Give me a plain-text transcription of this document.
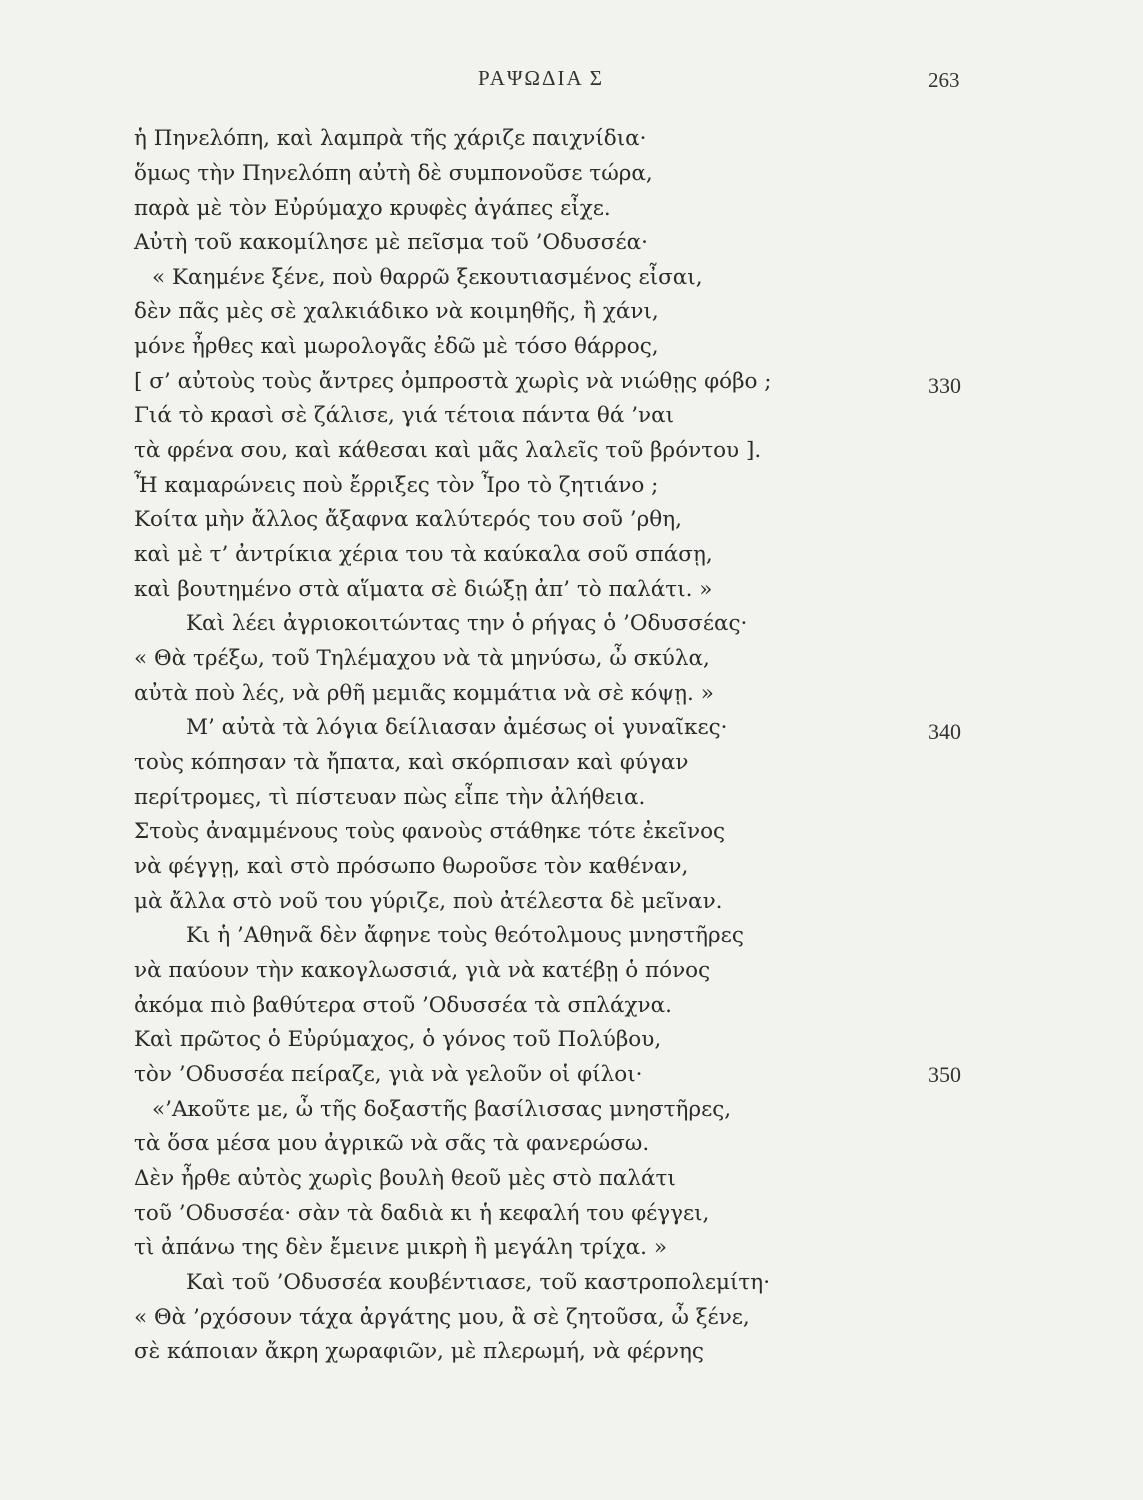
ΡΑΨΩΔΙΑ Σ	263
ἡ Πηνελόπη, καὶ λαμπρὰ τῆς χάριζε παιχνίδια·
ὅμως τὴν Πηνελόπη αὐτὴ δὲ συμπονοῦσε τώρα,
παρὰ μὲ τὸν Εὐρύμαχο κρυφὲς ἀγάπες εἶχε.
Αὐτὴ τοῦ κακομίλησε μὲ πεῖσμα τοῦ ’Οδυσσέα·
« Καημένε ξένε, ποὺ θαρρῶ ξεκουτιασμένος εἶσαι,
δὲν πᾶς μὲς σὲ χαλκιάδικο νὰ κοιμηθῆς, ἢ χάνι,
μόνε ἦρθες καὶ μωρολογᾶς ἐδῶ μὲ τόσο θάρρος,
[ σ’ αὐτοὺς τοὺς ἄντρες ὀμπροστὰ χωρὶς νὰ νιώθῃς φόβο ;
Γιά τὸ κρασὶ σὲ ζάλισε, γιά τέτοια πάντα θά ’ναι
τὰ φρένα σου, καὶ κάθεσαι καὶ μᾶς λαλεῖς τοῦ βρόντου ].
Ἦ καμαρώνεις ποὺ ἔρριξες τὸν Ἶρο τὸ ζητιάνο ;
Κοίτα μὴν ἄλλος ἄξαφνα καλύτερός του σοῦ ’ρθη,
καὶ μὲ τ’ ἀντρίκια χέρια του τὰ καύκαλα σοῦ σπάσῃ,
καὶ βουτημένο στὰ αἵματα σὲ διώξῃ ἀπ’ τὸ παλάτι. »
Καὶ λέει ἀγριοκοιτώντας την ὁ ρήγας ὁ ’Οδυσσέας·
« Θὰ τρέξω, τοῦ Τηλέμαχου νὰ τὰ μηνύσω, ὦ σκύλα,
αὐτὰ ποὺ λές, νὰ ρθῆ μεμιᾶς κομμάτια νὰ σὲ κόψῃ. »
Μ’ αὐτὰ τὰ λόγια δείλιασαν ἀμέσως οἱ γυναῖκες·
τοὺς κόπησαν τὰ ἤπατα, καὶ σκόρπισαν καὶ φύγαν
περίτρομες, τὶ πίστευαν πὼς εἶπε τὴν ἀλήθεια.
Στοὺς ἀναμμένους τοὺς φανοὺς στάθηκε τότε ἐκεῖνος
νὰ φέγγῃ, καὶ στὸ πρόσωπο θωροῦσε τὸν καθέναν,
μὰ ἄλλα στὸ νοῦ του γύριζε, ποὺ ἀτέλεστα δὲ μεῖναν.
Κι ἡ ’Αθηνᾶ δὲν ἄφηνε τοὺς θεότολμους μνηστῆρες
νὰ παύουν τὴν κακογλωσσιά, γιὰ νὰ κατέβῃ ὁ πόνος
ἀκόμα πιὸ βαθύτερα στοῦ ’Οδυσσέα τὰ σπλάχνα.
Καὶ πρῶτος ὁ Εὐρύμαχος, ὁ γόνος τοῦ Πολύβου,
τὸν ’Οδυσσέα πείραζε, γιὰ νὰ γελοῦν οἱ φίλοι·
«’Ακοῦτε με, ὦ τῆς δοξαστῆς βασίλισσας μνηστῆρες,
τὰ ὅσα μέσα μου ἀγρικῶ νὰ σᾶς τὰ φανερώσω.
Δὲν ἦρθε αὐτὸς χωρὶς βουλὴ θεοῦ μὲς στὸ παλάτι
τοῦ ’Οδυσσέα· σὰν τὰ δαδιὰ κι ἡ κεφαλή του φέγγει,
τὶ ἀπάνω της δὲν ἔμεινε μικρὴ ἢ μεγάλη τρίχα. »
Καὶ τοῦ ’Οδυσσέα κουβέντιασε, τοῦ καστροπολεμίτη·
« Θὰ ’ρχόσουν τάχα ἀργάτης μου, ἂ σὲ ζητοῦσα, ὦ ξένε,
σὲ κάποιαν ἄκρη χωραφιῶν, μὲ πλερωμή, νὰ φέρνης
330
340
350
